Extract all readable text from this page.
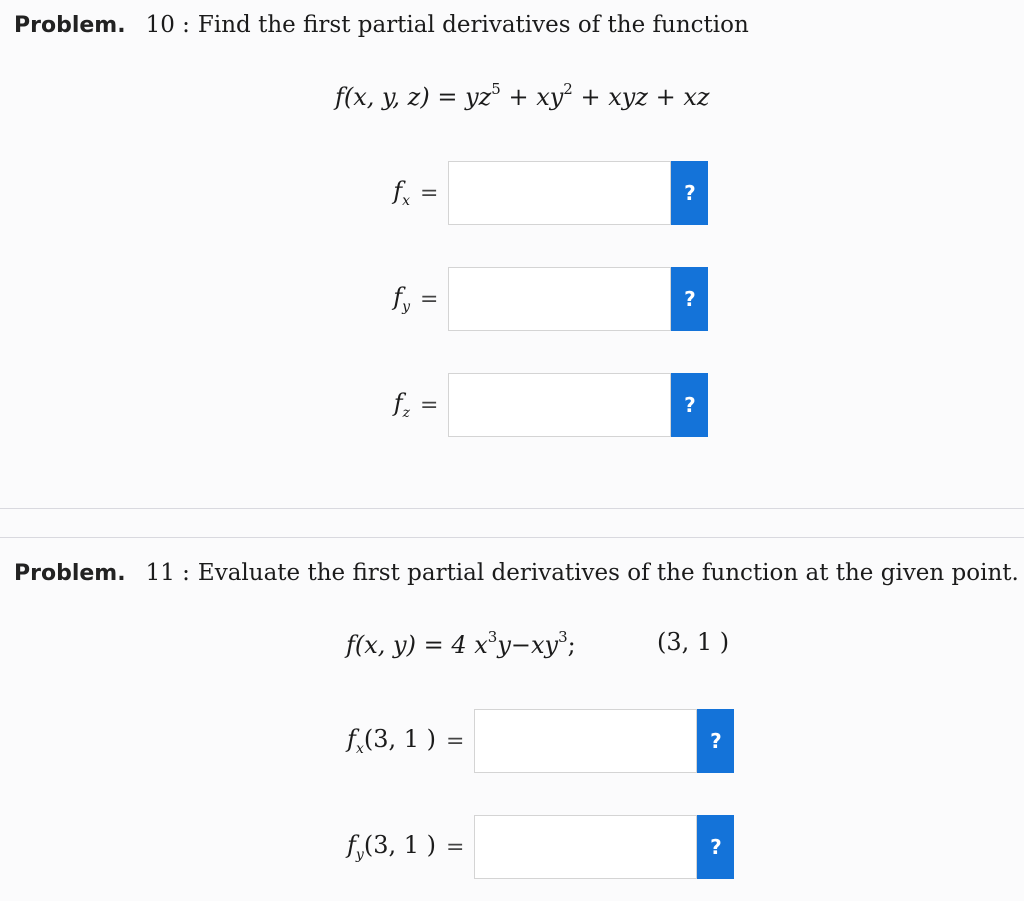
Problem. 10 : Find the first partial derivatives of the function
f(x, y, $z) = yz^5 + xy^2$ + xyz + xz
$f_x$ =	?
$f_y$ =	?
$f_z$ =	?
Problem. 11 : Evaluate the first partial derivatives of the function at the given point.
f(x, y) = 4 $x^3y-xy^3$;	(3, 1 )
$f_x(3$, 1 ) =	?
$f_y(3$, 1 ) =	?
